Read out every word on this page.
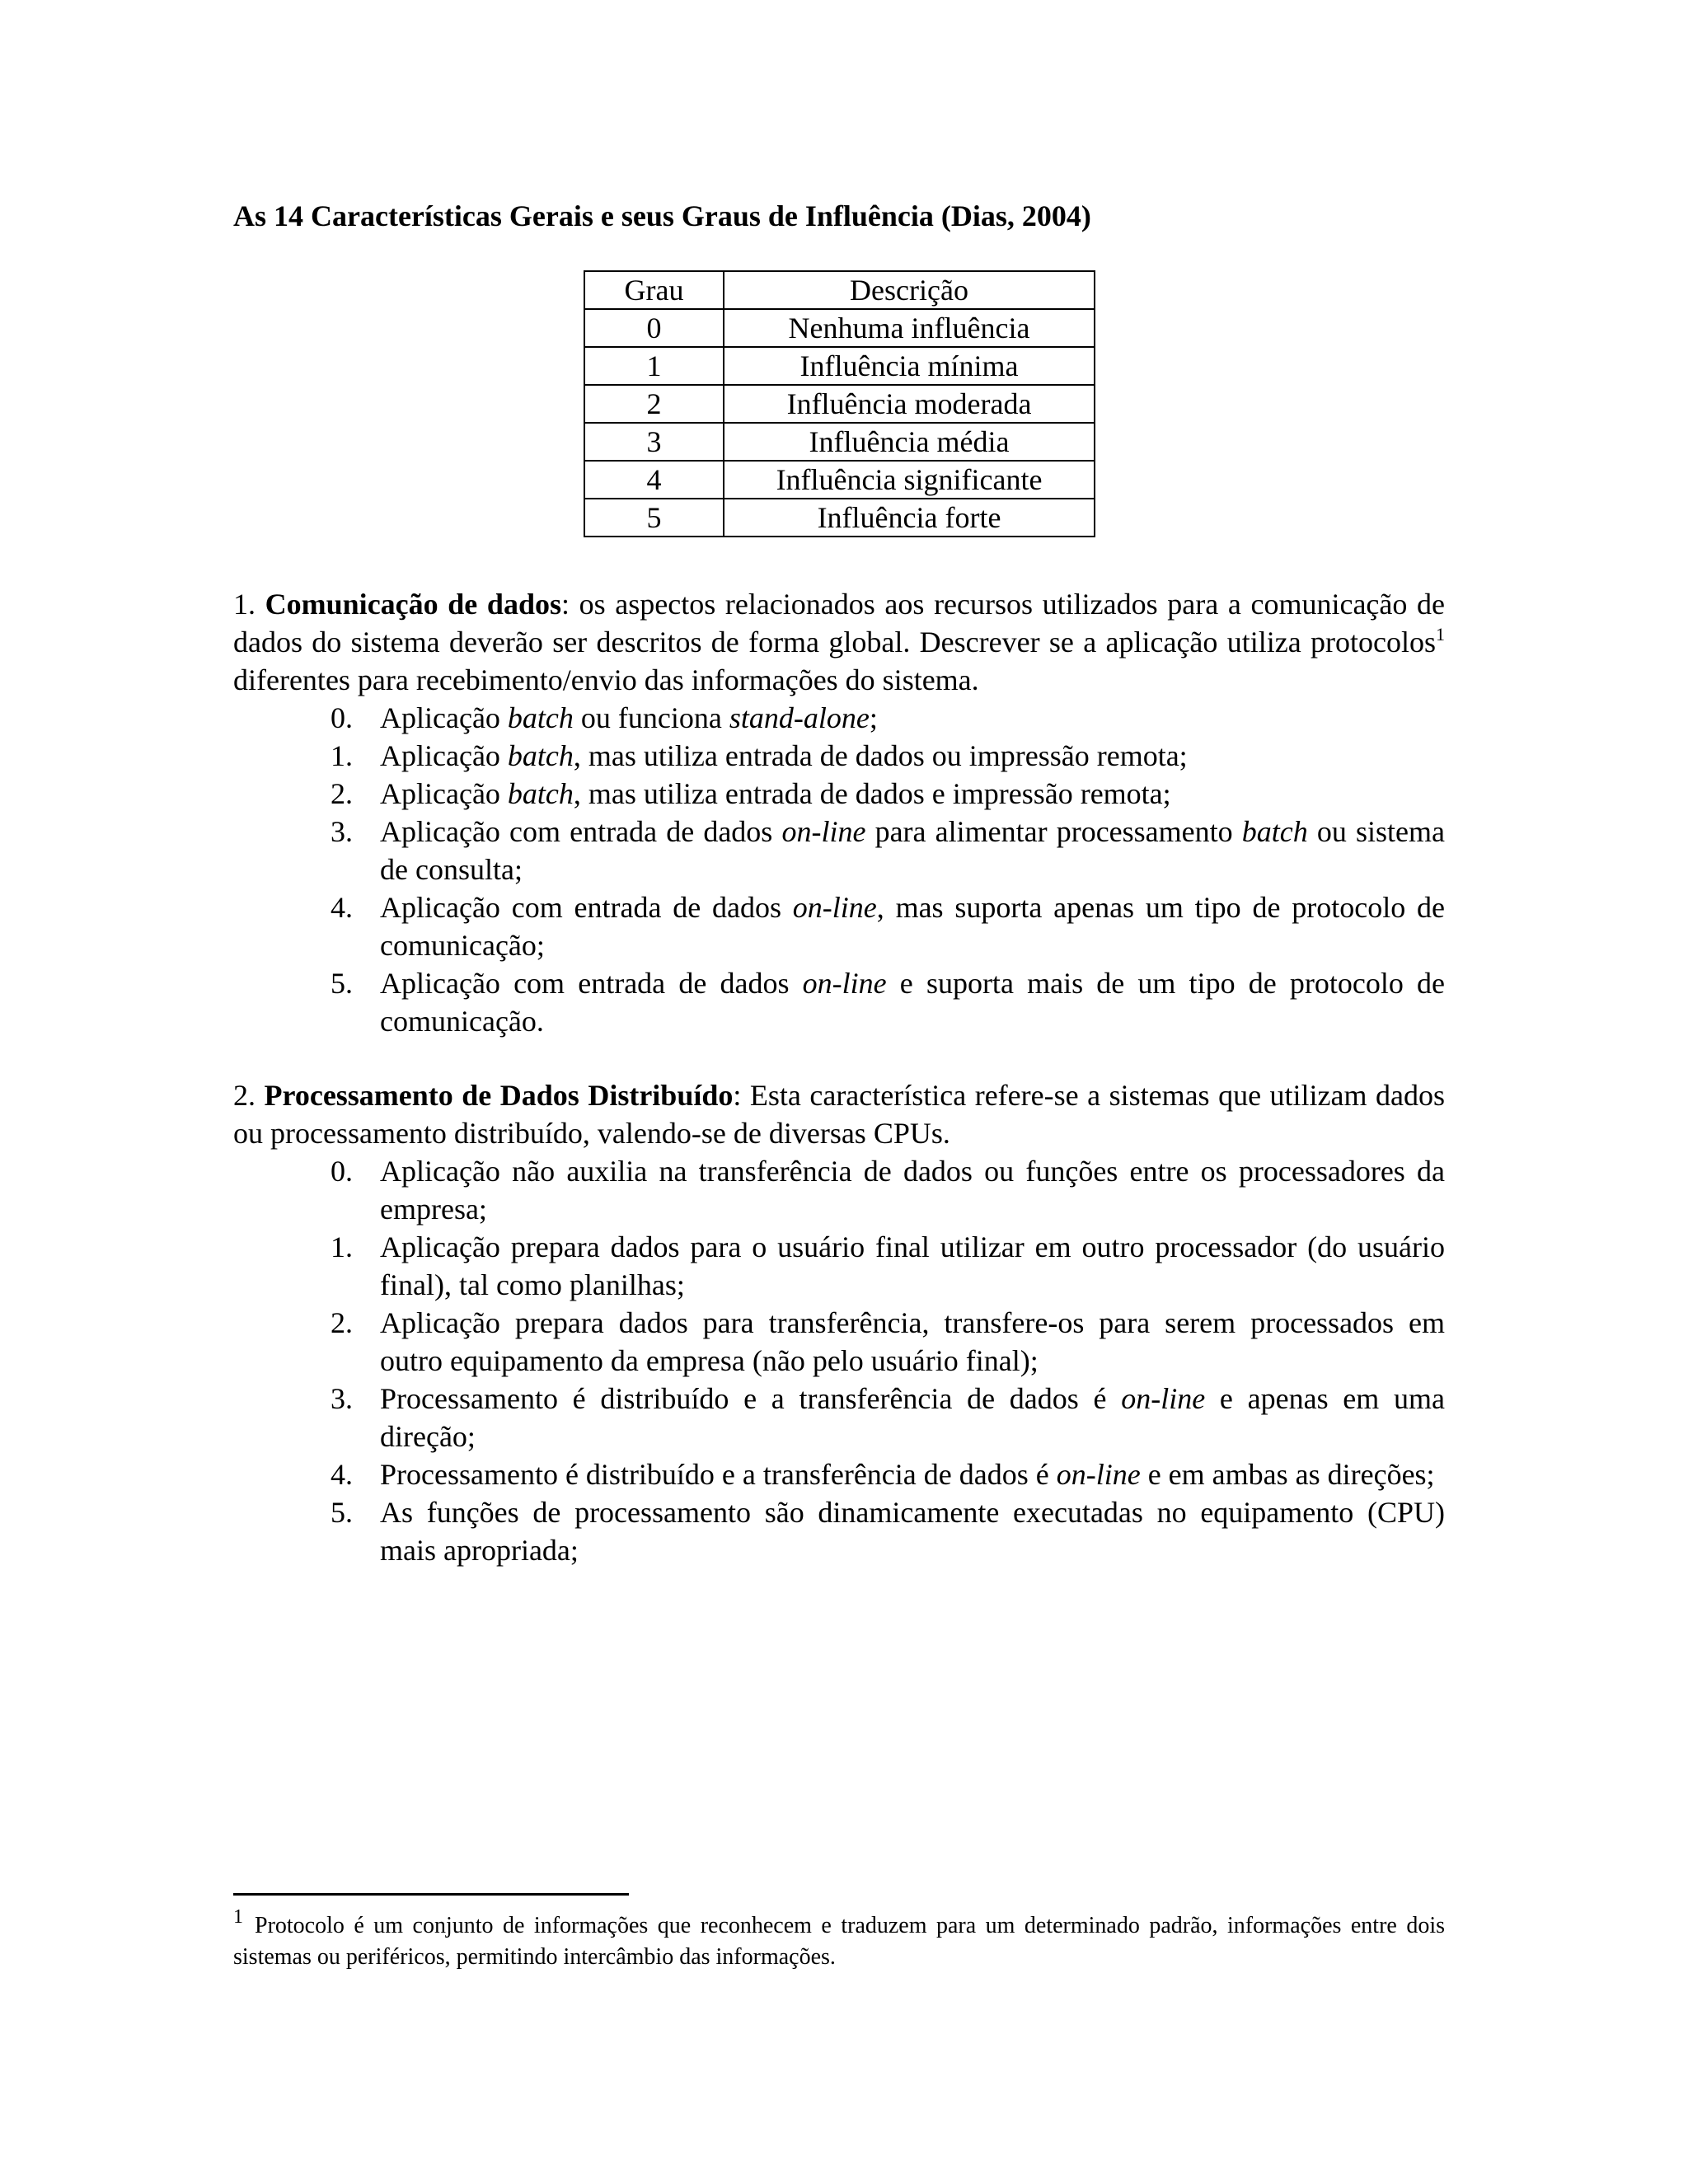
As 14 Características Gerais e seus Graus de Influência (Dias, 2004)
Grau	Descrição
0	Nenhuma influência
1	Influência mínima
2	Influência moderada
3	Influência média
4	Influência significante
5	Influência forte

1. Comunicação de dados: os aspectos relacionados aos recursos utilizados para a comunicação de dados do sistema deverão ser descritos de forma global. Descrever se a aplicação utiliza protocolos$^1$ diferentes para recebimento/envio das informações do sistema.

0. Aplicação batch ou funciona stand-alone;
1. Aplicação batch, mas utiliza entrada de dados ou impressão remota;
2. Aplicação batch, mas utiliza entrada de dados e impressão remota;
3. Aplicação com entrada de dados on-line para alimentar processamento batch ou sistema de consulta;
4. Aplicação com entrada de dados on-line, mas suporta apenas um tipo de protocolo de comunicação;
5. Aplicação com entrada de dados on-line e suporta mais de um tipo de protocolo de comunicação.

2. Processamento de Dados Distribuído: Esta característica refere-se a sistemas que utilizam dados ou processamento distribuído, valendo-se de diversas CPUs.

0. Aplicação não auxilia na transferência de dados ou funções entre os processadores da empresa;
1. Aplicação prepara dados para o usuário final utilizar em outro processador (do usuário final), tal como planilhas;
2. Aplicação prepara dados para transferência, transfere-os para serem processados em outro equipamento da empresa (não pelo usuário final);
3. Processamento é distribuído e a transferência de dados é on-line e apenas em uma direção;
4. Processamento é distribuído e a transferência de dados é on-line e em ambas as direções;
5. As funções de processamento são dinamicamente executadas no equipamento (CPU) mais apropriada;

1 Protocolo é um conjunto de informações que reconhecem e traduzem para um determinado padrão, informações entre dois sistemas ou periféricos, permitindo intercâmbio das informações.
